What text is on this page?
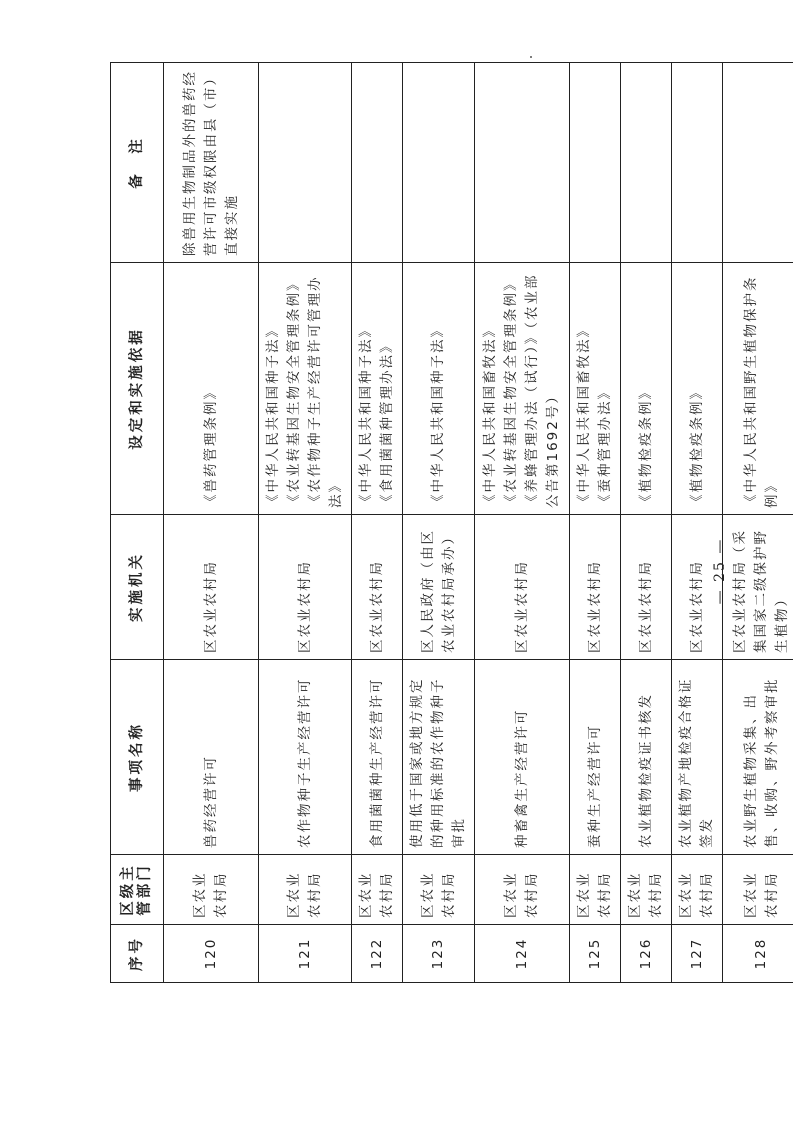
序号	区级主管部门	事项名称	实施机关	设定和实施依据	备　注
120	区农业农村局	兽药经营许可	区农业农村局	《兽药管理条例》	除兽用生物制品外的兽药经营许可市级权限由县（市）直接实施
121	区农业农村局	农作物种子生产经营许可	区农业农村局	《中华人民共和国种子法》 《农业转基因生物安全管理条例》 《农作物种子生产经营许可管理办法》	
122	区农业农村局	食用菌菌种生产经营许可	区农业农村局	《中华人民共和国种子法》 《食用菌菌种管理办法》	
123	区农业农村局	使用低于国家或地方规定的种用标准的农作物种子审批	区人民政府（由区农业农村局承办）	《中华人民共和国种子法》	
124	区农业农村局	种畜禽生产经营许可	区农业农村局	《中华人民共和国畜牧法》 《农业转基因生物安全管理条例》 《养蜂管理办法（试行）》（农业部公告第1692号）	
125	区农业农村局	蚕种生产经营许可	区农业农村局	《中华人民共和国畜牧法》 《蚕种管理办法》	
126	区农业农村局	农业植物检疫证书核发	区农业农村局	《植物检疫条例》	
127	区农业农村局	农业植物产地检疫合格证签发	区农业农村局	《植物检疫条例》	
128	区农业农村局	农业野生植物采集、出售、收购、野外考察审批	区农业农村局（采集国家二级保护野生植物）	《中华人民共和国野生植物保护条例》	
— 25 —
